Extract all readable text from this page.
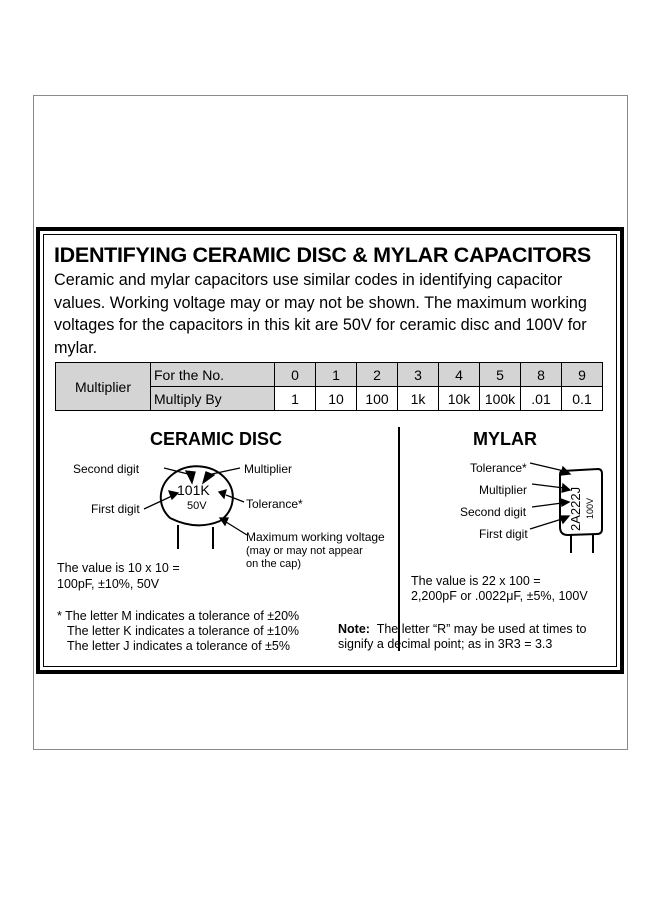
IDENTIFYING CERAMIC DISC & MYLAR CAPACITORS

Ceramic and mylar capacitors use similar codes in identifying capacitor values. Working voltage may or may not be shown. The maximum working voltages for the capacitors in this kit are 50V for ceramic disc and 100V for mylar.

Multiplier	For the No.	0	1	2	3	4	5	8	9
	Multiply By	1	10	100	1k	10k	100k	.01	0.1
CERAMIC DISC
101K
50V
Second digit	Multiplier
First digit	Tolerance*
Maximum working voltage
(may or may not appear
on the cap)

The value is 10 x 10 =

100pF, ±10%, 50V

* The letter M indicates a tolerance of ±20%

The letter K indicates a tolerance of ±10%

The letter J indicates a tolerance of ±5%

MYLAR
2A222J 100V
Tolerance*
Multiplier
Second digit
First digit

The value is 22 x 100 =

2,200pF or .0022μF, ±5%, 100V

Note: The letter “R” may be used at times to signify a decimal point; as in 3R3 = 3.3
